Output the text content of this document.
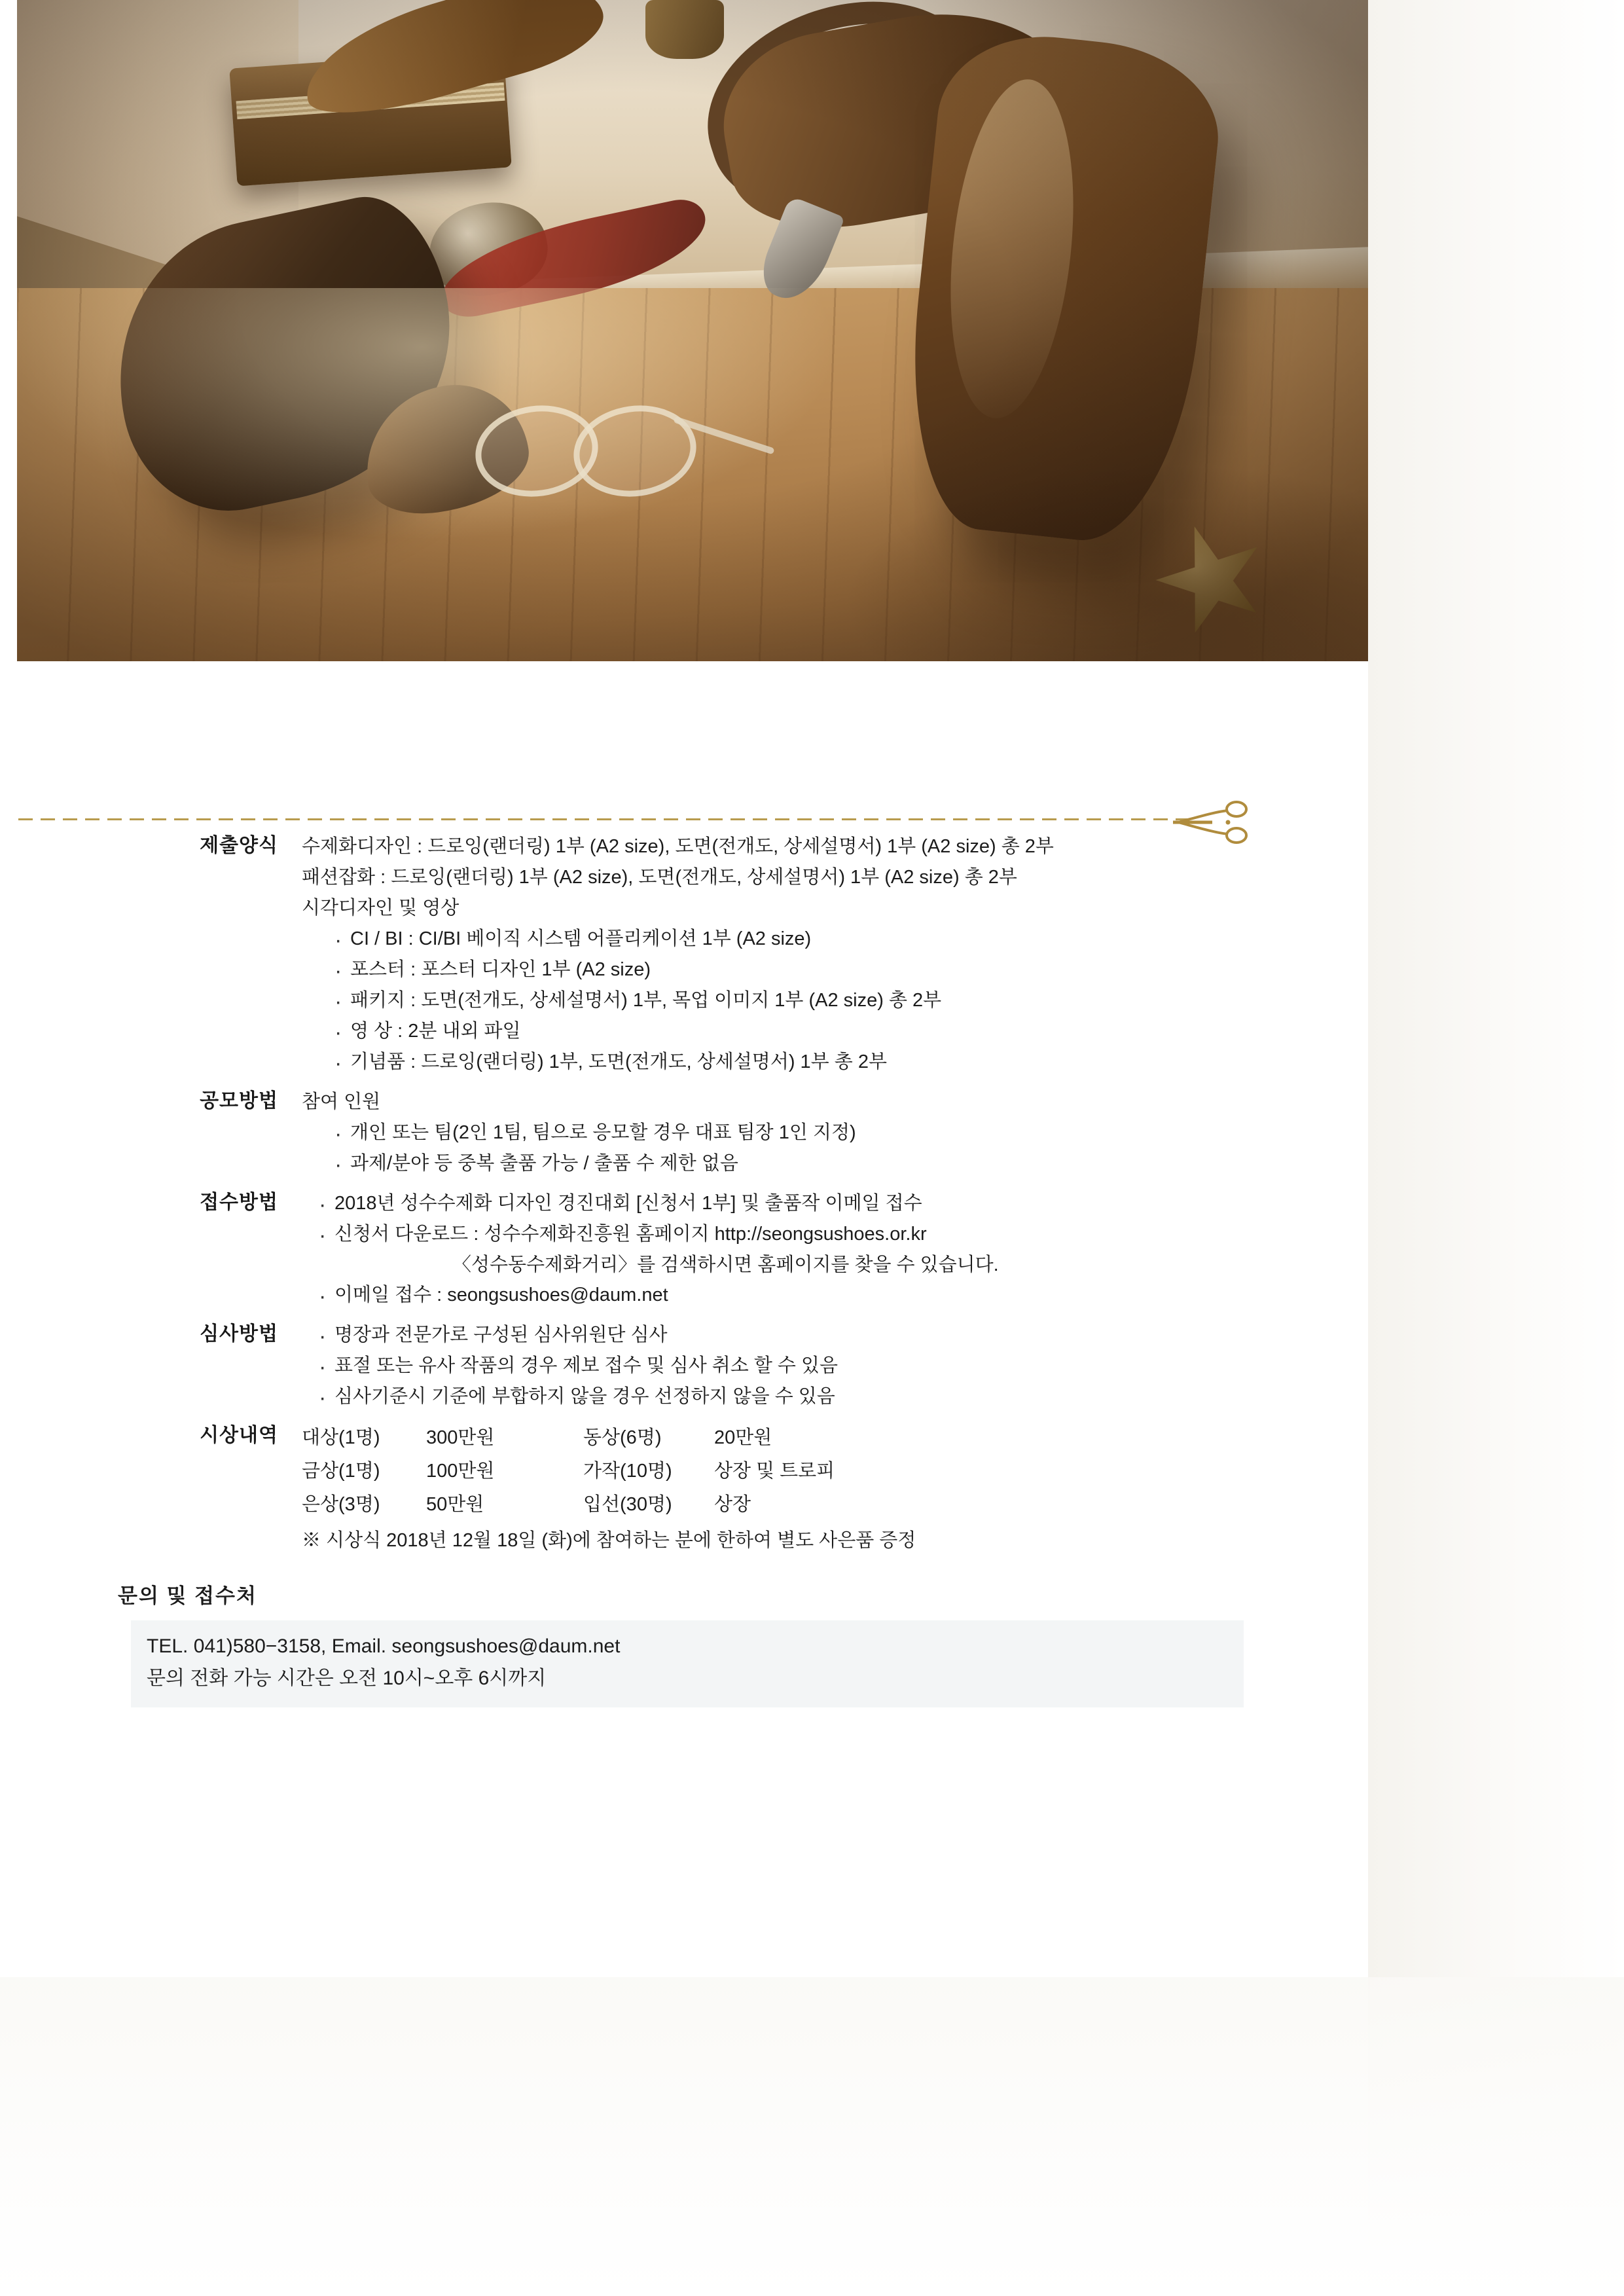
제출양식 수제화디자인 : 드로잉(랜더링) 1부 (A2 size), 도면(전개도, 상세설명서) 1부 (A2 size) 총 2부
패션잡화 : 드로잉(랜더링) 1부 (A2 size), 도면(전개도, 상세설명서) 1부 (A2 size) 총 2부
시각디자인 및 영상
· CI / BI : CI/BI 베이직 시스템 어플리케이션 1부 (A2 size)
· 포스터 : 포스터 디자인 1부 (A2 size)
· 패키지 : 도면(전개도, 상세설명서) 1부, 목업 이미지 1부 (A2 size) 총 2부
· 영 상 : 2분 내외 파일
· 기념품 : 드로잉(랜더링) 1부, 도면(전개도, 상세설명서) 1부 총 2부
공모방법 참여 인원
· 개인 또는 팀(2인 1팀, 팀으로 응모할 경우 대표 팀장 1인 지정)
· 과제/분야 등 중복 출품 가능 / 출품 수 제한 없음
접수방법	· 2018년 성수수제화 디자인 경진대회 [신청서 1부] 및 출품작 이메일 접수
· 신청서 다운로드 : 성수수제화진흥원 홈페이지 http://seongsushoes.or.kr
〈성수동수제화거리〉를 검색하시면 홈페이지를 찾을 수 있습니다.
· 이메일 접수 : seongsushoes@daum.net
심사방법	· 명장과 전문가로 구성된 심사위원단 심사
· 표절 또는 유사 작품의 경우 제보 접수 및 심사 취소 할 수 있음
· 심사기준시 기준에 부합하지 않을 경우 선정하지 않을 수 있음
시상내역 대상(1명)	300만원	동상(6명)	20만원
금상(1명)	100만원	가작(10명)	상장 및 트로피
은상(3명)	50만원	입선(30명)	상장
※ 시상식 2018년 12월 18일 (화)에 참여하는 분에 한하여 별도 사은품 증정
문의 및 접수처
TEL. 041)580−3158, Email. seongsushoes@daum.net
문의 전화 가능 시간은 오전 10시~오후 6시까지
